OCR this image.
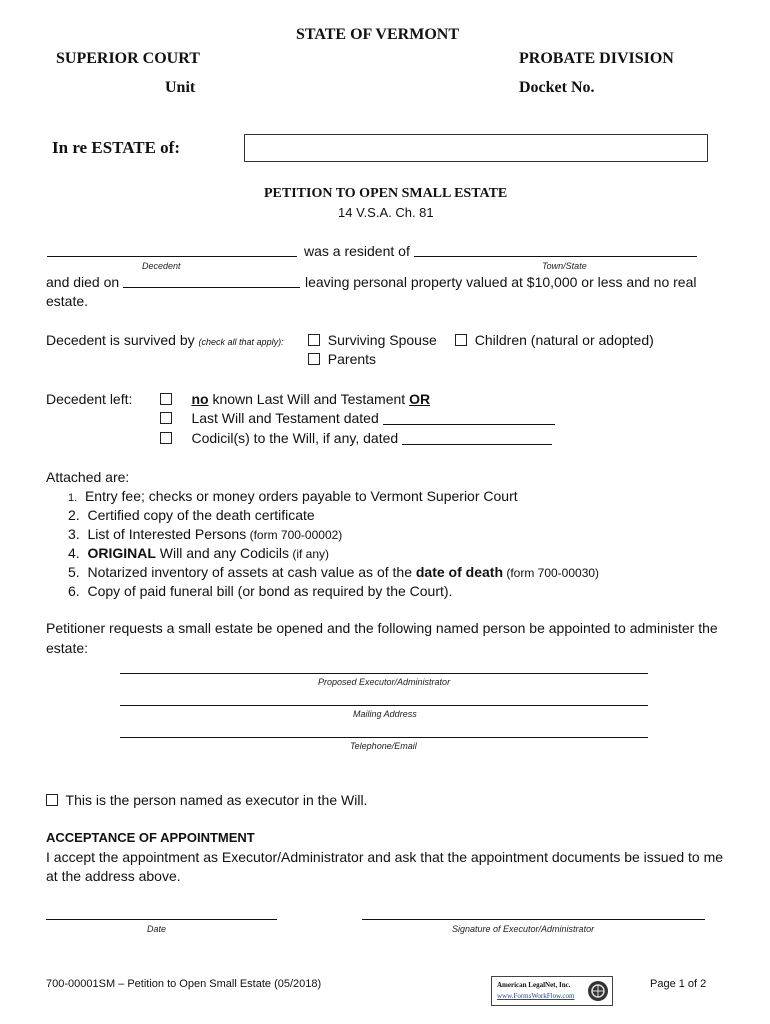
STATE OF VERMONT
SUPERIOR COURT
Unit
PROBATE DIVISION
Docket No.
In re ESTATE of:
PETITION TO OPEN SMALL ESTATE
14 V.S.A. Ch. 81
was a resident of
Decedent	Town/State
and died on	leaving personal property valued at $10,000 or less and no real
estate.
Decedent is survived by (check all that apply):	Surviving Spouse	Children (natural or adopted)
Parents
Decedent left:	no known Last Will and Testament OR
Last Will and Testament dated
Codicil(s) to the Will, if any, dated
Attached are:
1. Entry fee; checks or money orders payable to Vermont Superior Court
2. Certified copy of the death certificate
3. List of Interested Persons (form 700-00002)
4. ORIGINAL Will and any Codicils (if any)
5. Notarized inventory of assets at cash value as of the date of death (form 700-00030)
6. Copy of paid funeral bill (or bond as required by the Court).
Petitioner requests a small estate be opened and the following named person be appointed to administer the
estate:
Proposed Executor/Administrator
Mailing Address
Telephone/Email
This is the person named as executor in the Will.
ACCEPTANCE OF APPOINTMENT
I accept the appointment as Executor/Administrator and ask that the appointment documents be issued to me
at the address above.
Date	Signature of Executor/Administrator
700-00001SM – Petition to Open Small Estate (05/2018)	American LegalNet, Inc.
www.FormsWorkFlow.com
Page 1 of 2
